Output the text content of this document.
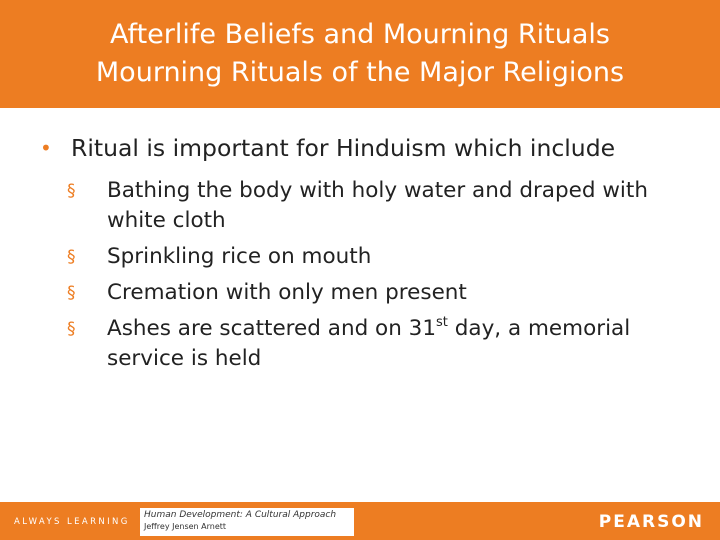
Afterlife Beliefs and Mourning Rituals
Mourning Rituals of the Major Religions
• Ritual is important for Hinduism which include
§ Bathing the body with holy water and draped with white cloth
§ Sprinkling rice on mouth
§ Cremation with only men present
§ Ashes are scattered and on 31st day, a memorial service is held
ALWAYS LEARNING
Human Development: A Cultural Approach
Jeffrey Jensen Arnett	PEARSON
